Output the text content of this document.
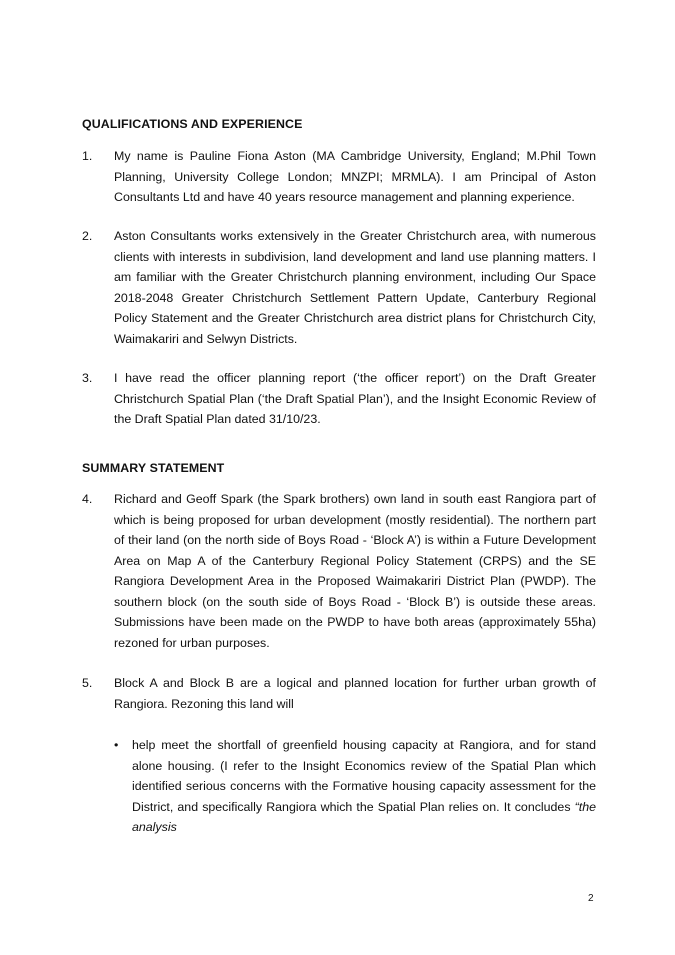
QUALIFICATIONS AND EXPERIENCE
1. My name is Pauline Fiona Aston (MA Cambridge University, England; M.Phil Town Planning, University College London; MNZPI; MRMLA). I am Principal of Aston Consultants Ltd and have 40 years resource management and planning experience.
2. Aston Consultants works extensively in the Greater Christchurch area, with numerous clients with interests in subdivision, land development and land use planning matters. I am familiar with the Greater Christchurch planning environment, including Our Space 2018-2048 Greater Christchurch Settlement Pattern Update, Canterbury Regional Policy Statement and the Greater Christchurch area district plans for Christchurch City, Waimakariri and Selwyn Districts.
3. I have read the officer planning report (‘the officer report’) on the Draft Greater Christchurch Spatial Plan (‘the Draft Spatial Plan’), and the Insight Economic Review of the Draft Spatial Plan dated 31/10/23.
SUMMARY STATEMENT
4. Richard and Geoff Spark (the Spark brothers) own land in south east Rangiora part of which is being proposed for urban development (mostly residential). The northern part of their land (on the north side of Boys Road - ‘Block A’) is within a Future Development Area on Map A of the Canterbury Regional Policy Statement (CRPS) and the SE Rangiora Development Area in the Proposed Waimakariri District Plan (PWDP). The southern block (on the south side of Boys Road - ‘Block B’) is outside these areas. Submissions have been made on the PWDP to have both areas (approximately 55ha) rezoned for urban purposes.
5. Block A and Block B are a logical and planned location for further urban growth of Rangiora. Rezoning this land will
• help meet the shortfall of greenfield housing capacity at Rangiora, and for stand alone housing. (I refer to the Insight Economics review of the Spatial Plan which identified serious concerns with the Formative housing capacity assessment for the District, and specifically Rangiora which the Spatial Plan relies on. It concludes “the analysis
2
